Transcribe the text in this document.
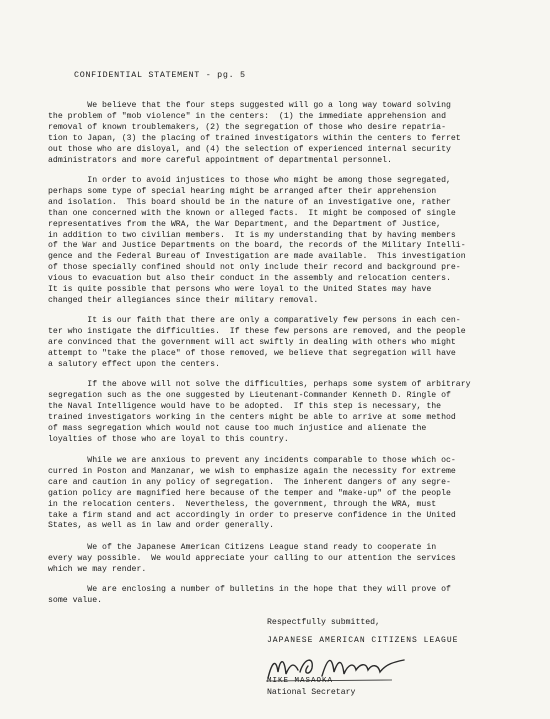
CONFIDENTIAL STATEMENT - pg. 5
We believe that the four steps suggested will go a long way toward solving
the problem of "mob violence" in the centers:  (1) the immediate apprehension and
removal of known troublemakers, (2) the segregation of those who desire repatria-
tion to Japan, (3) the placing of trained investigators within the centers to ferret
out those who are disloyal, and (4) the selection of experienced internal security
administrators and more careful appointment of departmental personnel.
In order to avoid injustices to those who might be among those segregated,
perhaps some type of special hearing might be arranged after their apprehension
and isolation.  This board should be in the nature of an investigative one, rather
than one concerned with the known or alleged facts.  It might be composed of single
representatives from the WRA, the War Department, and the Department of Justice,
in addition to two civilian members.  It is my understanding that by having members
of the War and Justice Departments on the board, the records of the Military Intelli-
gence and the Federal Bureau of Investigation are made available.  This investigation
of those specially confined should not only include their record and background pre-
vious to evacuation but also their conduct in the assembly and relocation centers.
It is quite possible that persons who were loyal to the United States may have
changed their allegiances since their military removal.
It is our faith that there are only a comparatively few persons in each cen-
ter who instigate the difficulties.  If these few persons are removed, and the people
are convinced that the government will act swiftly in dealing with others who might
attempt to "take the place" of those removed, we believe that segregation will have
a salutory effect upon the centers.
If the above will not solve the difficulties, perhaps some system of arbitrary
segregation such as the one suggested by Lieutenant-Commander Kenneth D. Ringle of
the Naval Intelligence would have to be adopted.  If this step is necessary, the
trained investigators working in the centers might be able to arrive at some method
of mass segregation which would not cause too much injustice and alienate the
loyalties of those who are loyal to this country.
While we are anxious to prevent any incidents comparable to those which oc-
curred in Poston and Manzanar, we wish to emphasize again the necessity for extreme
care and caution in any policy of segregation.  The inherent dangers of any segre-
gation policy are magnified here because of the temper and "make-up" of the people
in the relocation centers.  Nevertheless, the government, through the WRA, must
take a firm stand and act accordingly in order to preserve confidence in the United
States, as well as in law and order generally.
We of the Japanese American Citizens League stand ready to cooperate in
every way possible.  We would appreciate your calling to our attention the services
which we may render.
We are enclosing a number of bulletins in the hope that they will prove of
some value.
Respectfully submitted,
JAPANESE AMERICAN CITIZENS LEAGUE
MIKE MASAOKA
National Secretary
